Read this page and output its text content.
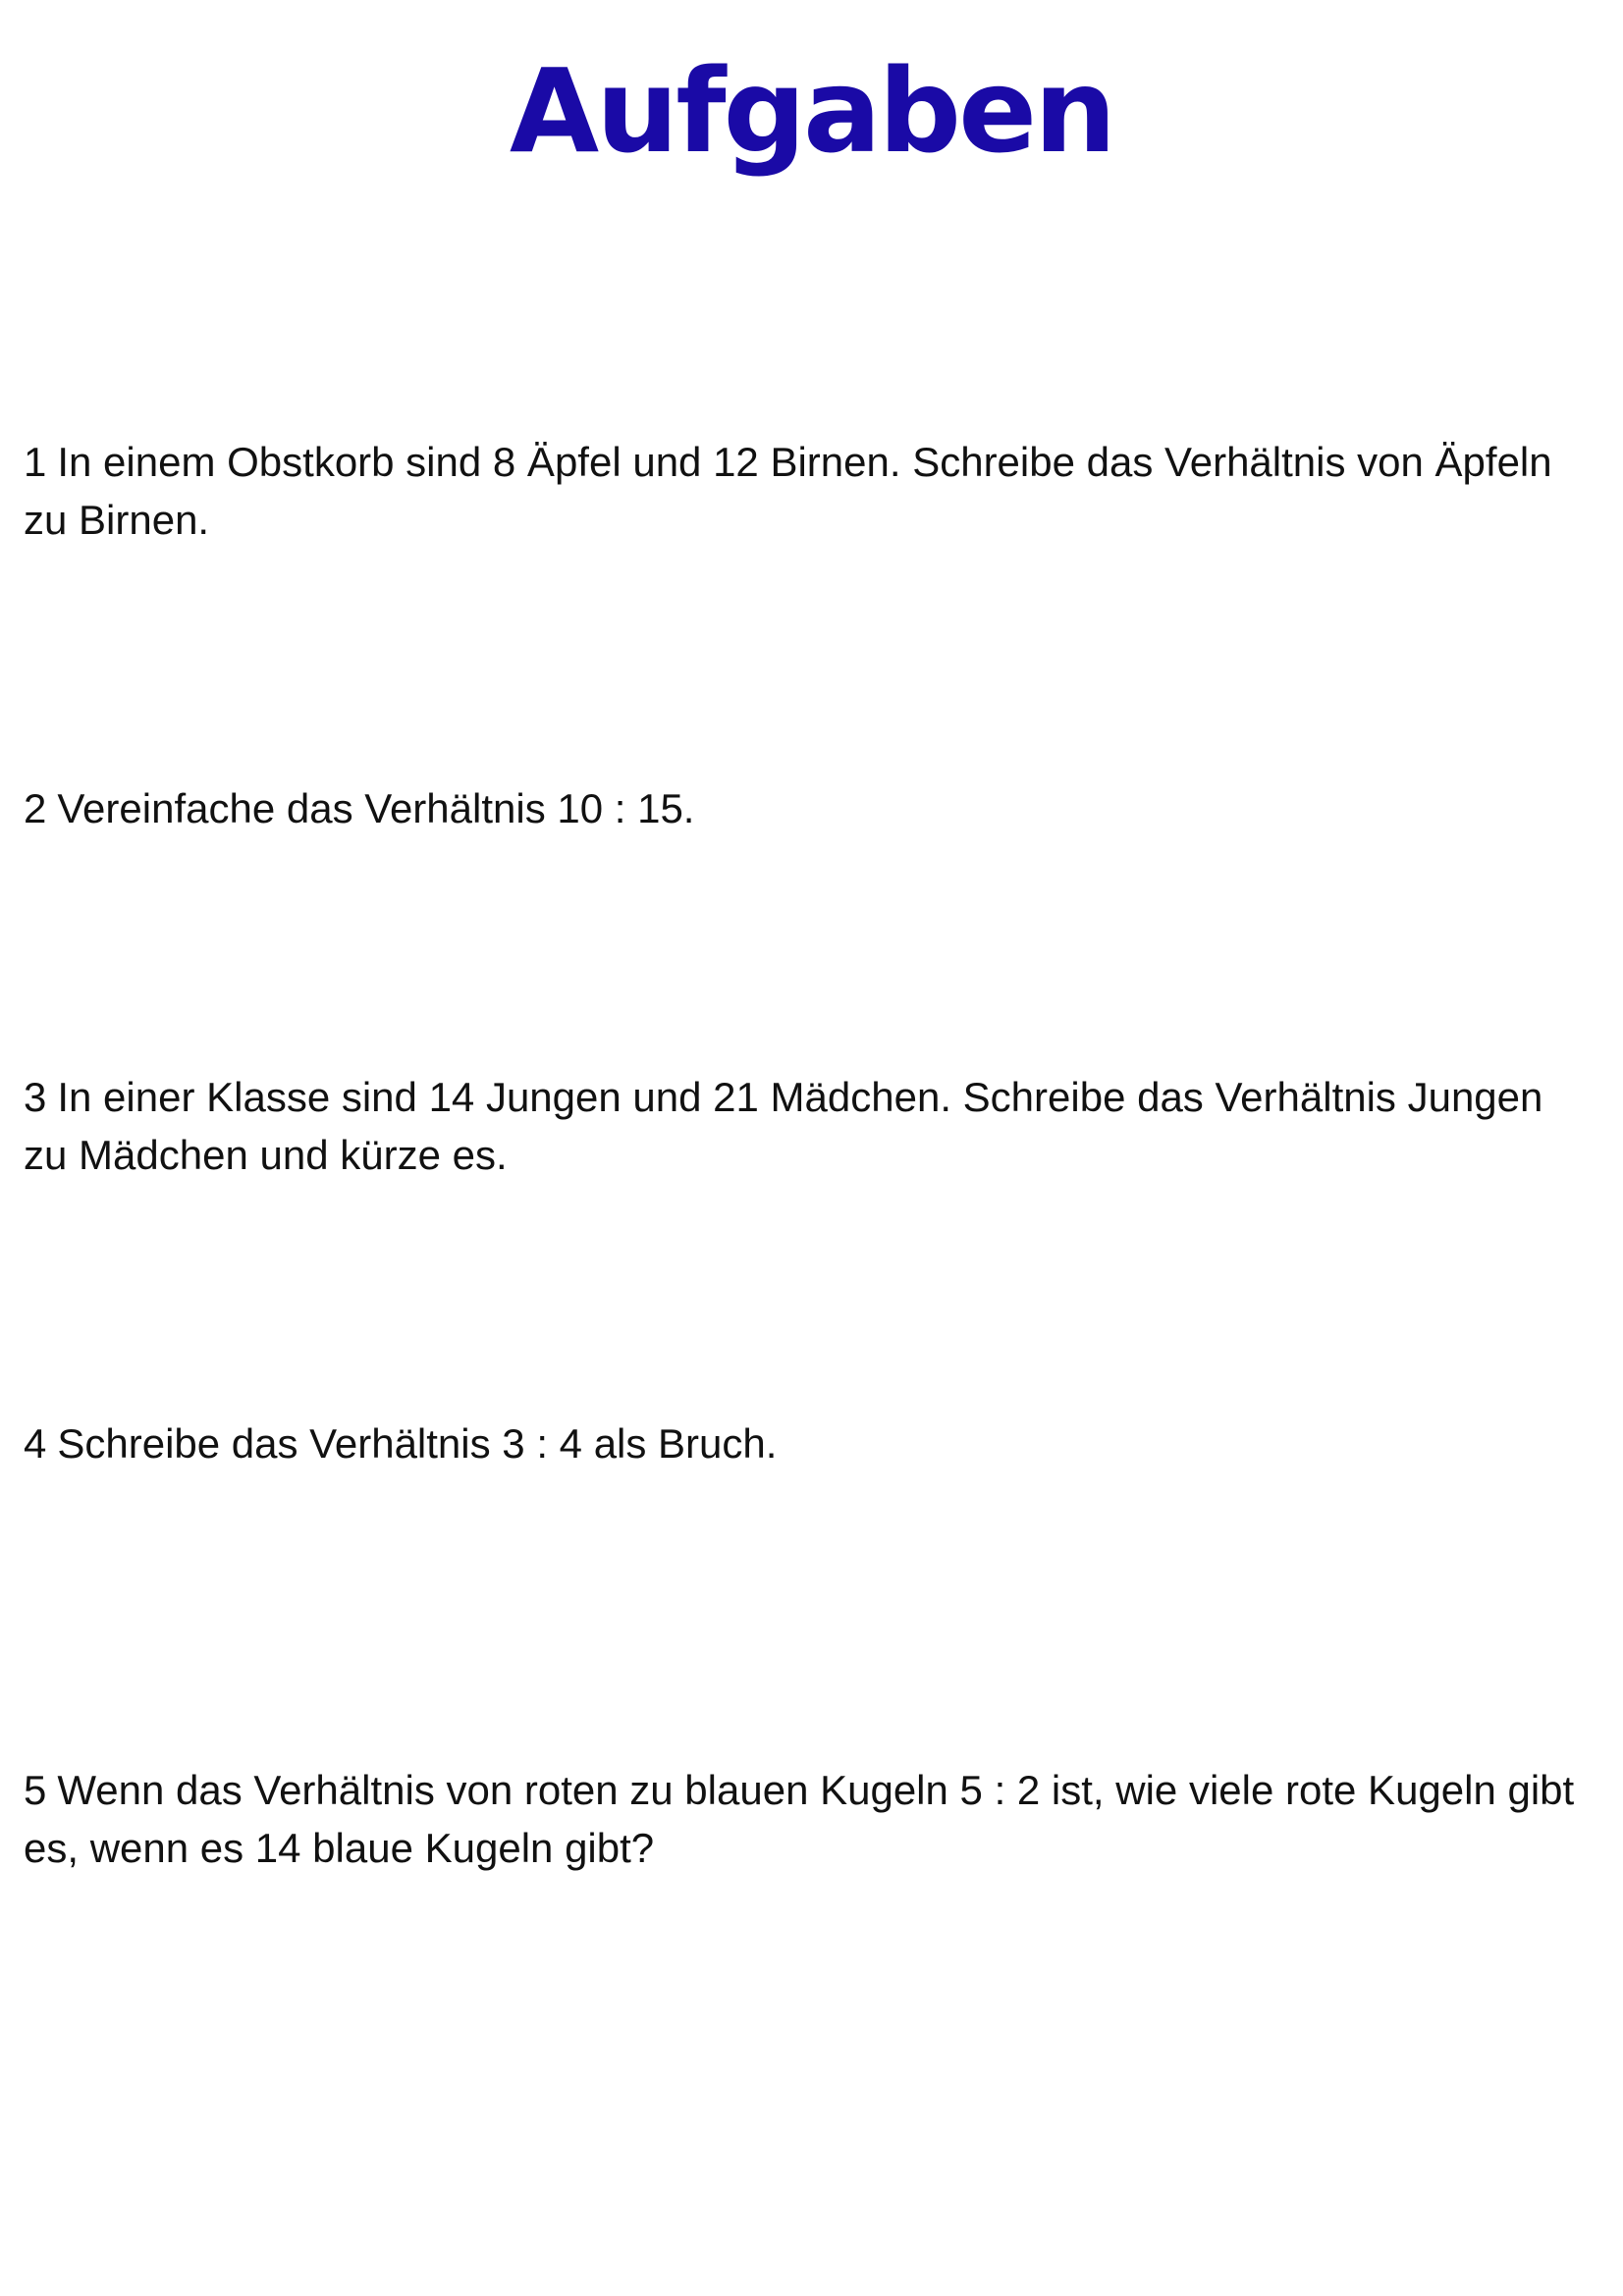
Aufgaben

1 In einem Obstkorb sind 8 Äpfel und 12 Birnen. Schreibe das Verhältnis von Äpfeln zu Birnen.

2 Vereinfache das Verhältnis 10 : 15.

3 In einer Klasse sind 14 Jungen und 21 Mädchen. Schreibe das Verhältnis Jungen zu Mädchen und kürze es.

4 Schreibe das Verhältnis 3 : 4 als Bruch.

5 Wenn das Verhältnis von roten zu blauen Kugeln 5 : 2 ist, wie viele rote Kugeln gibt es, wenn es 14 blaue Kugeln gibt?
